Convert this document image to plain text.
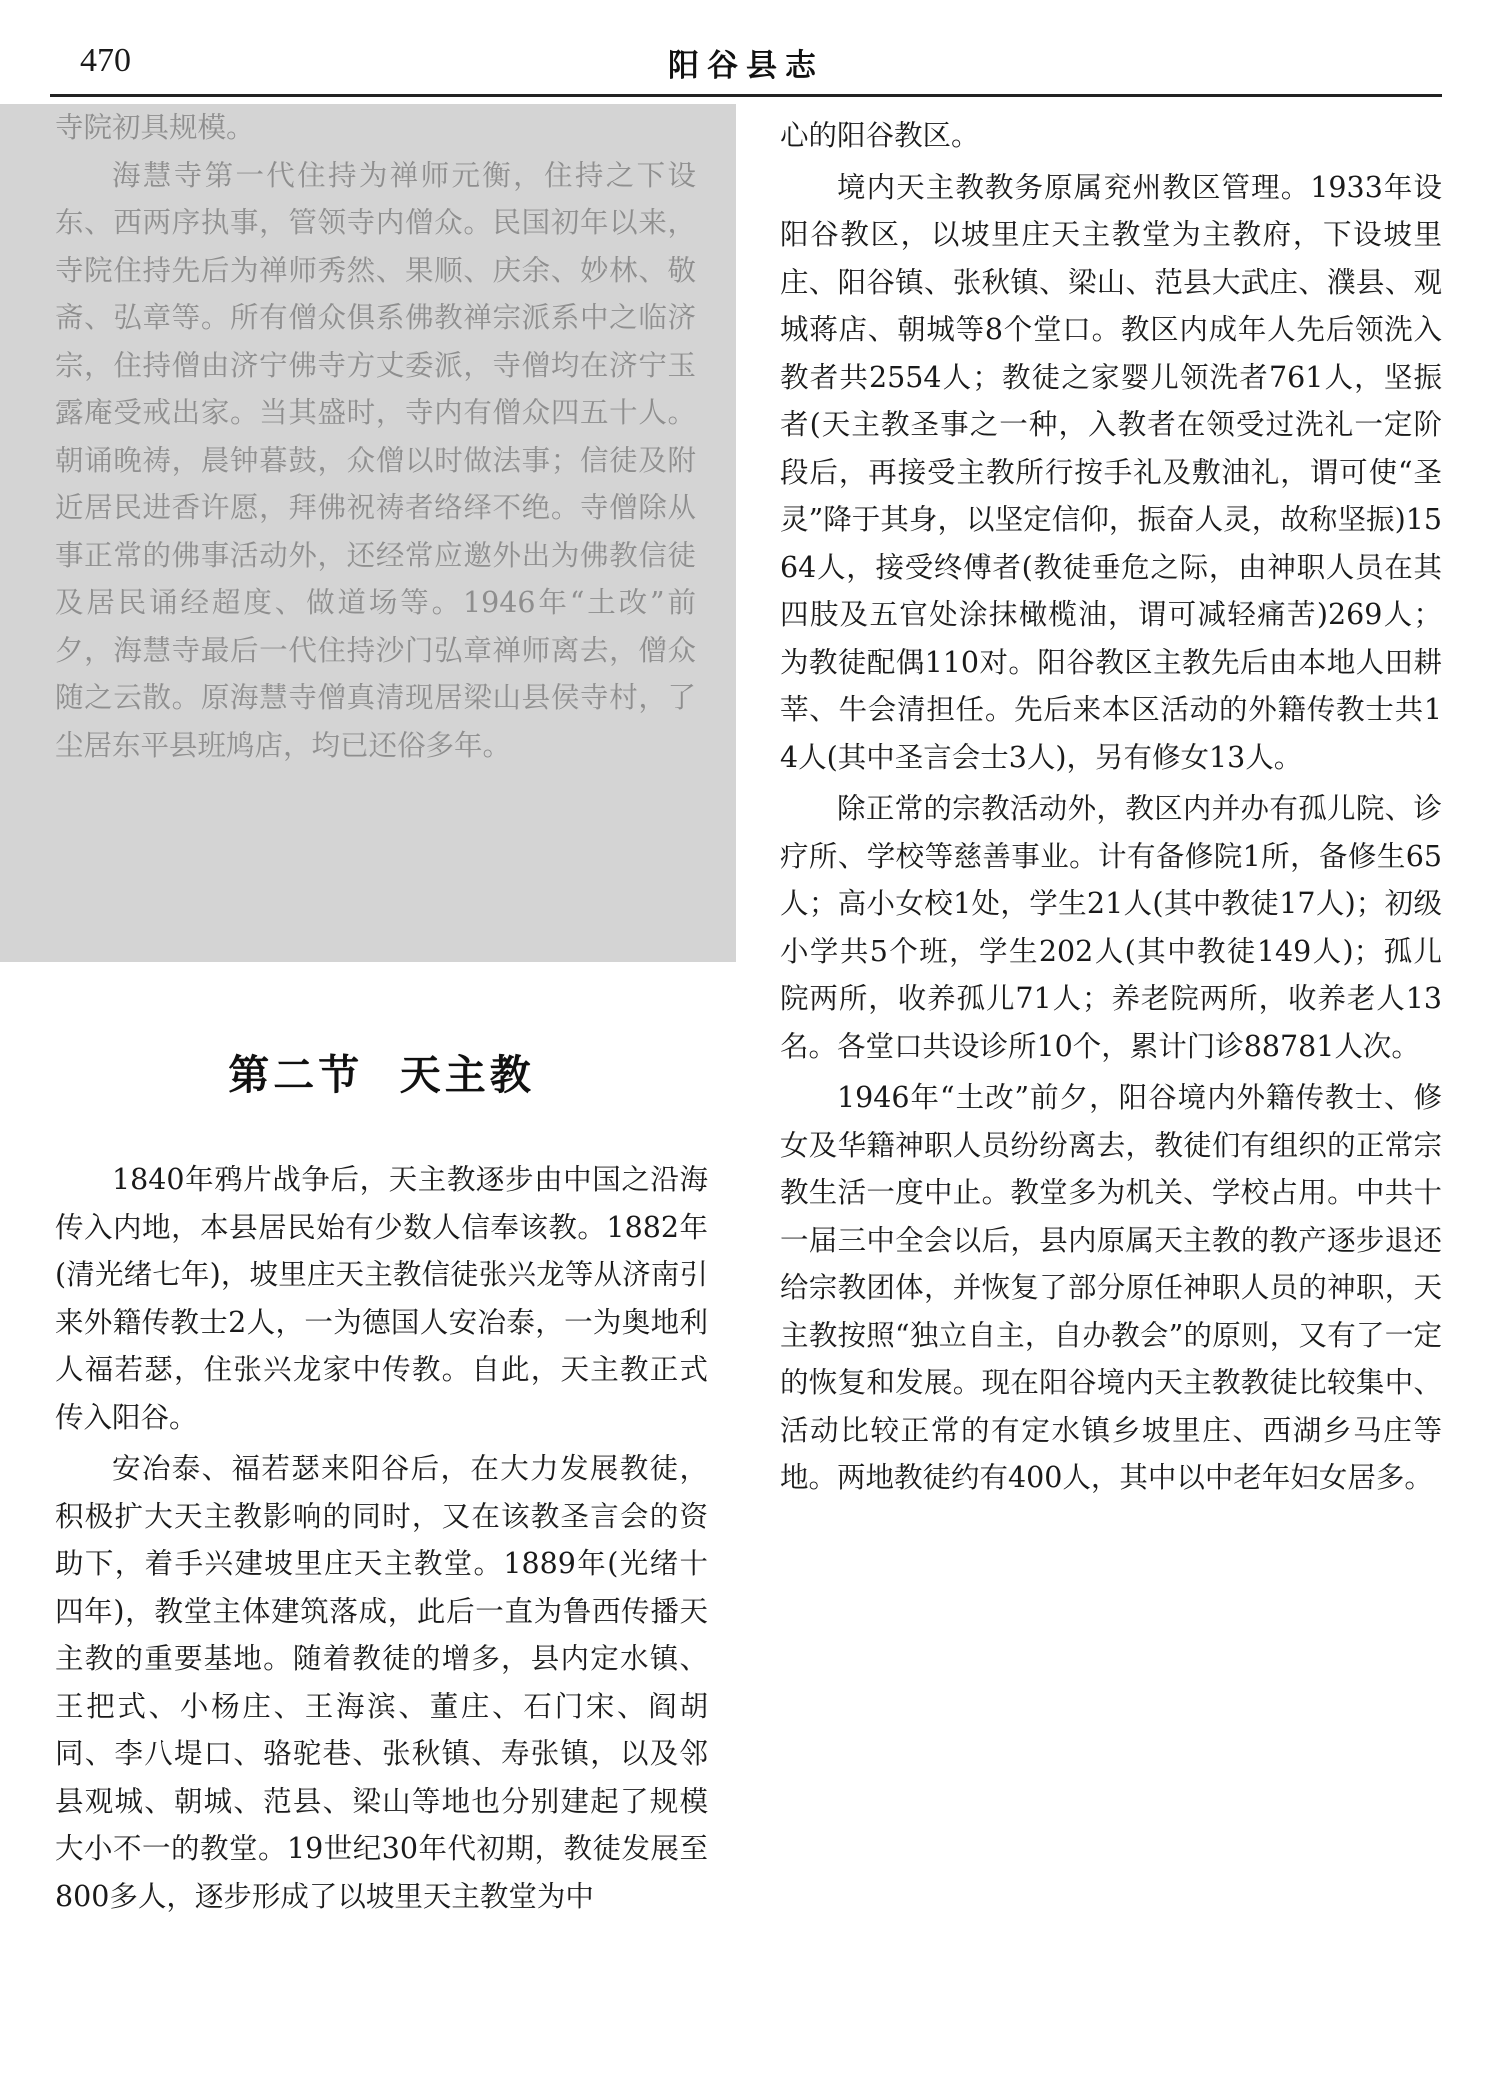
470	阳谷县志

寺院初具规模。

海慧寺第一代住持为禅师元衡，住持之下设东、西两序执事，管领寺内僧众。民国初年以来，寺院住持先后为禅师秀然、果顺、庆余、妙林、敬斋、弘章等。所有僧众俱系佛教禅宗派系中之临济宗，住持僧由济宁佛寺方丈委派，寺僧均在济宁玉露庵受戒出家。当其盛时，寺内有僧众四五十人。朝诵晚祷，晨钟暮鼓，众僧以时做法事；信徒及附近居民进香许愿，拜佛祝祷者络绎不绝。寺僧除从事正常的佛事活动外，还经常应邀外出为佛教信徒及居民诵经超度、做道场等。1946年“土改”前夕，海慧寺最后一代住持沙门弘章禅师离去，僧众随之云散。原海慧寺僧真清现居梁山县侯寺村，了尘居东平县班鸠店，均已还俗多年。

第二节  天主教

1840年鸦片战争后，天主教逐步由中国之沿海传入内地，本县居民始有少数人信奉该教。1882年(清光绪七年)，坡里庄天主教信徒张兴龙等从济南引来外籍传教士2人，一为德国人安冶泰，一为奥地利人福若瑟，住张兴龙家中传教。自此，天主教正式传入阳谷。

安冶泰、福若瑟来阳谷后，在大力发展教徒，积极扩大天主教影响的同时，又在该教圣言会的资助下，着手兴建坡里庄天主教堂。1889年(光绪十四年)，教堂主体建筑落成，此后一直为鲁西传播天主教的重要基地。随着教徒的增多，县内定水镇、王把式、小杨庄、王海滨、董庄、石门宋、阎胡同、李八堤口、骆驼巷、张秋镇、寿张镇，以及邻县观城、朝城、范县、梁山等地也分别建起了规模大小不一的教堂。19世纪30年代初期，教徒发展至800多人，逐步形成了以坡里天主教堂为中

心的阳谷教区。

境内天主教教务原属兖州教区管理。1933年设阳谷教区，以坡里庄天主教堂为主教府，下设坡里庄、阳谷镇、张秋镇、梁山、范县大武庄、濮县、观城蒋店、朝城等8个堂口。教区内成年人先后领洗入教者共2554人；教徒之家婴儿领洗者761人，坚振者(天主教圣事之一种，入教者在领受过洗礼一定阶段后，再接受主教所行按手礼及敷油礼，谓可使“圣灵”降于其身，以坚定信仰，振奋人灵，故称坚振)1564人，接受终傅者(教徒垂危之际，由神职人员在其四肢及五官处涂抹橄榄油，谓可减轻痛苦)269人；为教徒配偶110对。阳谷教区主教先后由本地人田耕莘、牛会清担任。先后来本区活动的外籍传教士共14人(其中圣言会士3人)，另有修女13人。

除正常的宗教活动外，教区内并办有孤儿院、诊疗所、学校等慈善事业。计有备修院1所，备修生65人；高小女校1处，学生21人(其中教徒17人)；初级小学共5个班，学生202人(其中教徒149人)；孤儿院两所，收养孤儿71人；养老院两所，收养老人13名。各堂口共设诊所10个，累计门诊88781人次。

1946年“土改”前夕，阳谷境内外籍传教士、修女及华籍神职人员纷纷离去，教徒们有组织的正常宗教生活一度中止。教堂多为机关、学校占用。中共十一届三中全会以后，县内原属天主教的教产逐步退还给宗教团体，并恢复了部分原任神职人员的神职，天主教按照“独立自主，自办教会”的原则，又有了一定的恢复和发展。现在阳谷境内天主教教徒比较集中、活动比较正常的有定水镇乡坡里庄、西湖乡马庄等地。两地教徒约有400人，其中以中老年妇女居多。
